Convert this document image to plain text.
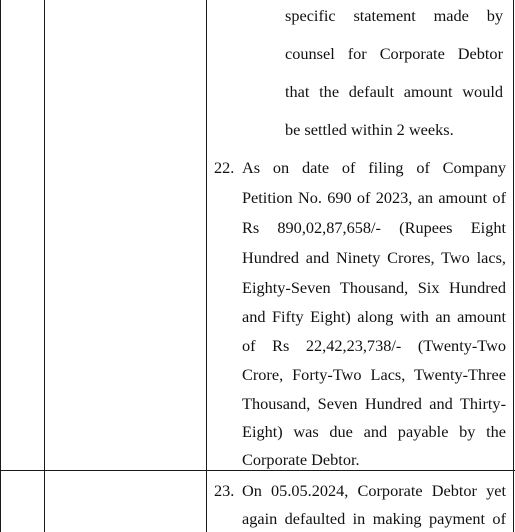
specific statement made by
counsel for Corporate Debtor
that the default amount would
be settled within 2 weeks.
22. As on date of filing of Company
Petition No. 690 of 2023, an amount of
Rs 890,02,87,658/- (Rupees Eight
Hundred and Ninety Crores, Two lacs,
Eighty-Seven Thousand, Six Hundred
and Fifty Eight) along with an amount
of Rs 22,42,23,738/- (Twenty-Two
Crore, Forty-Two Lacs, Twenty-Three
Thousand, Seven Hundred and Thirty-
Eight) was due and payable by the
Corporate Debtor.
23. On 05.05.2024, Corporate Debtor yet
again defaulted in making payment of
